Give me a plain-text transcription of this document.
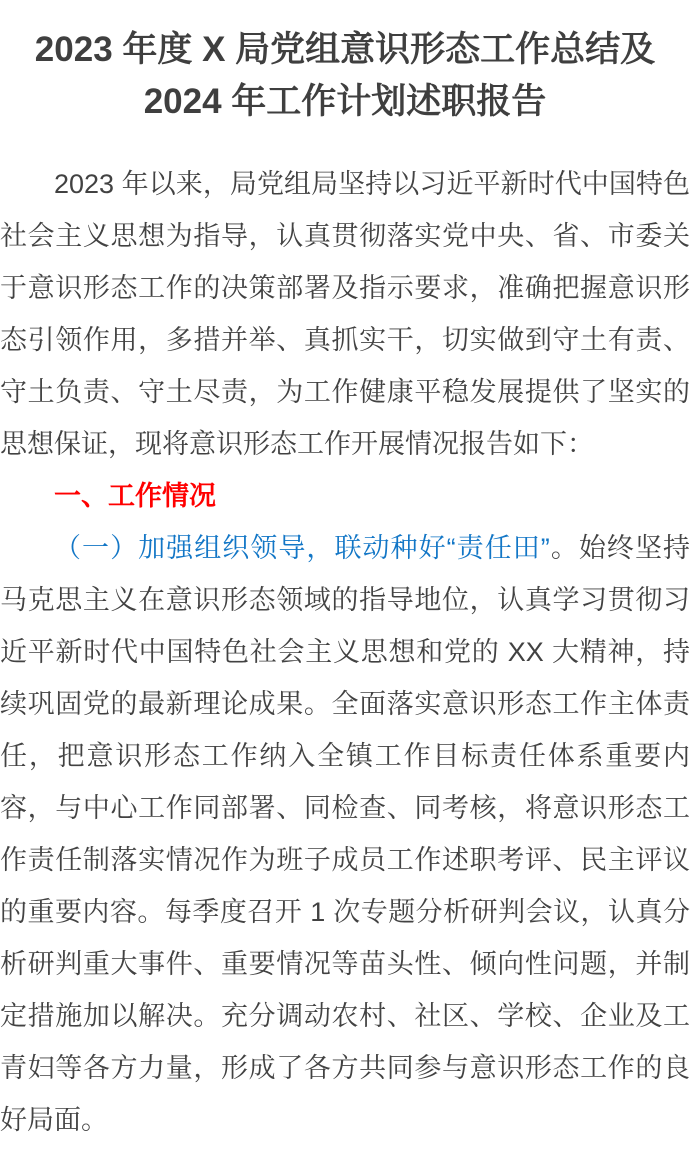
2023 年度 X 局党组意识形态工作总结及
2024 年工作计划述职报告

2023 年以来，局党组局坚持以习近平新时代中国特色社会主义思想为指导，认真贯彻落实党中央、省、市委关于意识形态工作的决策部署及指示要求，准确把握意识形态引领作用，多措并举、真抓实干，切实做到守土有责、守土负责、守土尽责，为工作健康平稳发展提供了坚实的思想保证，现将意识形态工作开展情况报告如下：

一、工作情况

（一）加强组织领导，联动种好“责任田”。始终坚持马克思主义在意识形态领域的指导地位，认真学习贯彻习近平新时代中国特色社会主义思想和党的 XX 大精神，持续巩固党的最新理论成果。全面落实意识形态工作主体责任，把意识形态工作纳入全镇工作目标责任体系重要内容，与中心工作同部署、同检查、同考核，将意识形态工作责任制落实情况作为班子成员工作述职考评、民主评议的重要内容。每季度召开 1 次专题分析研判会议，认真分析研判重大事件、重要情况等苗头性、倾向性问题，并制定措施加以解决。充分调动农村、社区、学校、企业及工青妇等各方力量，形成了各方共同参与意识形态工作的良好局面。
